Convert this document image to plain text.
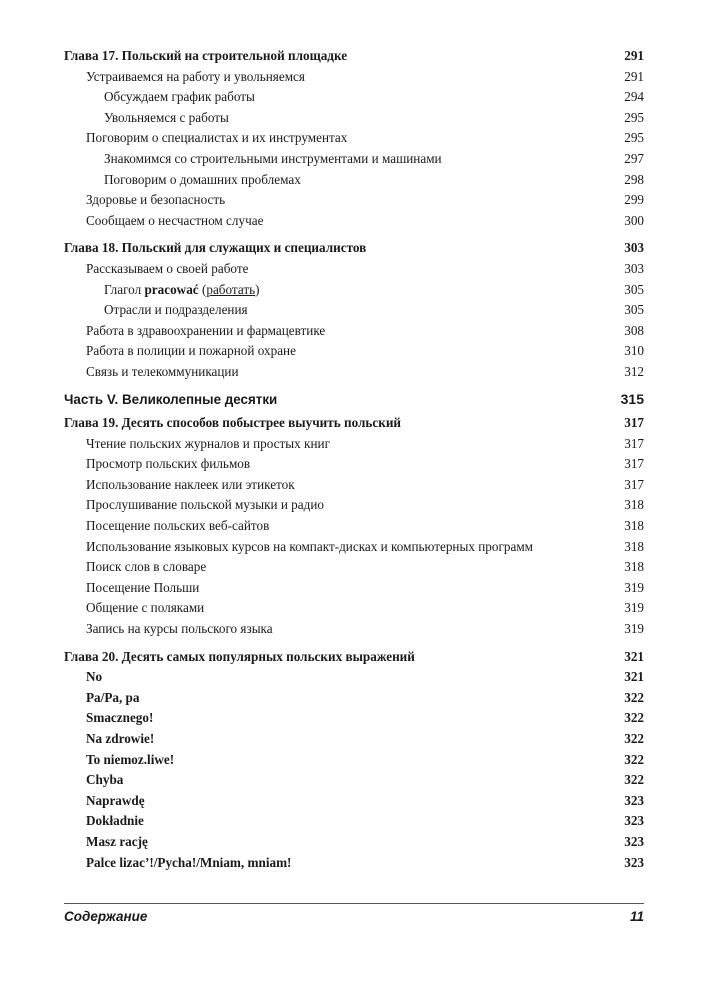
Глава 17. Польский на строительной площадке	291
Устраиваемся на работу и увольняемся	291
Обсуждаем график работы	294
Увольняемся с работы	295
Поговорим о специалистах и их инструментах	295
Знакомимся со строительными инструментами и машинами	297
Поговорим о домашних проблемах	298
Здоровье и безопасность	299
Сообщаем о несчастном случае	300
Глава 18. Польский для служащих и специалистов	303
Рассказываем о своей работе	303
Глагол pracować (работать)	305
Отрасли и подразделения	305
Работа в здравоохранении и фармацевтике	308
Работа в полиции и пожарной охране	310
Связь и телекоммуникации	312
Часть V. Великолепные десятки	315
Глава 19. Десять способов побыстрее выучить польский	317
Чтение польских журналов и простых книг	317
Просмотр польских фильмов	317
Использование наклеек или этикеток	317
Прослушивание польской музыки и радио	318
Посещение польских веб-сайтов	318
Использование языковых курсов на компакт-дисках и компьютерных программ	318
Поиск слов в словаре	318
Посещение Польши	319
Общение с поляками	319
Запись на курсы польского языка	319
Глава 20. Десять самых популярных польских выражений	321
No	321
Pa/Pa, pa	322
Smacznego!	322
Na zdrowie!	322
To niemoz.liwe!	322
Chyba	322
Naprawdę	323
Dokładnie	323
Masz rację	323
Palce lizac’!/Pycha!/Mniam, mniam!	323
Содержание	11
